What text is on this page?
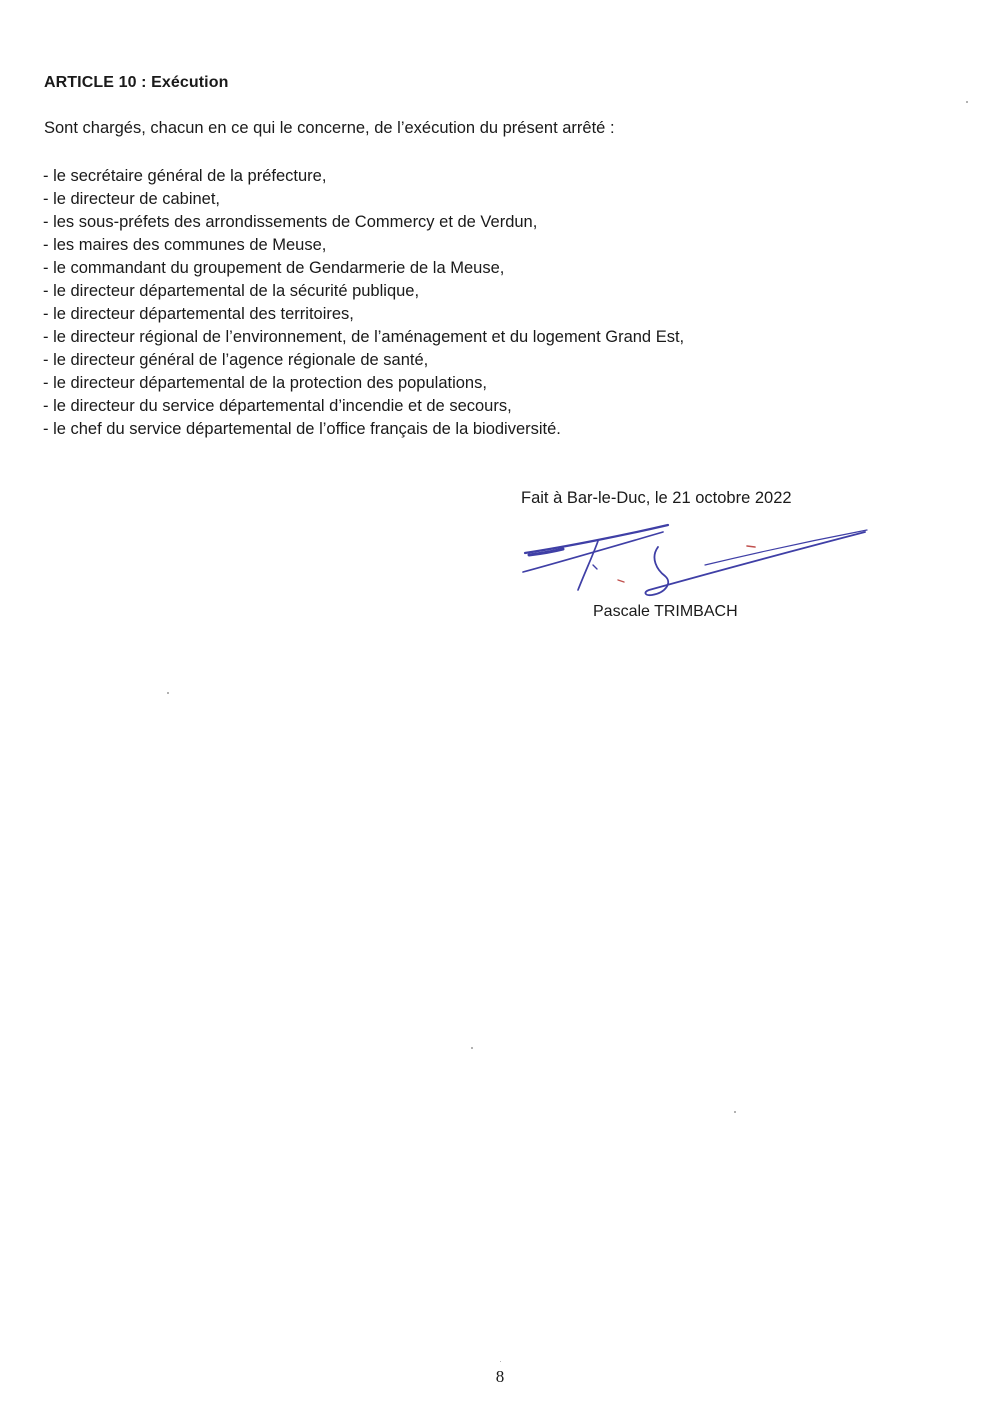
ARTICLE 10 : Exécution
Sont chargés, chacun en ce qui le concerne, de l’exécution du présent arrêté :
- le secrétaire général de la préfecture,
- le directeur de cabinet,
- les sous-préfets des arrondissements de Commercy et de Verdun,
- les maires des communes de Meuse,
- le commandant du groupement de Gendarmerie de la Meuse,
- le directeur départemental de la sécurité publique,
- le directeur départemental des territoires,
- le directeur régional de l’environnement, de l’aménagement et du logement Grand Est,
- le directeur général de l’agence régionale de santé,
- le directeur départemental de la protection des populations,
- le directeur du service départemental d’incendie et de secours,
- le chef du service départemental de l’office français de la biodiversité.
Fait à Bar-le-Duc, le 21 octobre 2022
Pascale TRIMBACH
8
